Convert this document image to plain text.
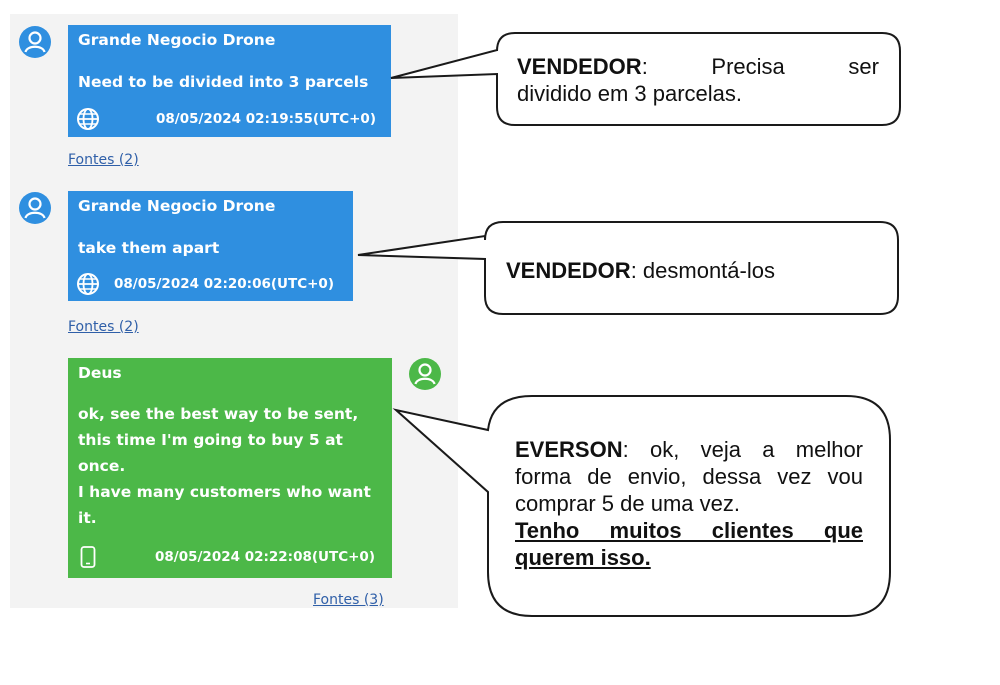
Grande Negocio Drone
Need to be divided into 3 parcels
08/05/2024 02:19:55(UTC+0)
Fontes (2)
Grande Negocio Drone
take them apart
08/05/2024 02:20:06(UTC+0)
Fontes (2)
Deus
ok, see the best way to be sent,
this time I'm going to buy 5 at
once.
I have many customers who want
it.
08/05/2024 02:22:08(UTC+0)
Fontes (3)
VENDEDOR: Precisa ser
dividido em 3 parcelas.
VENDEDOR: desmontá-los
EVERSON: ok, veja a melhor
forma de envio, dessa vez vou
comprar 5 de uma vez.
Tenho muitos clientes que
querem isso.
